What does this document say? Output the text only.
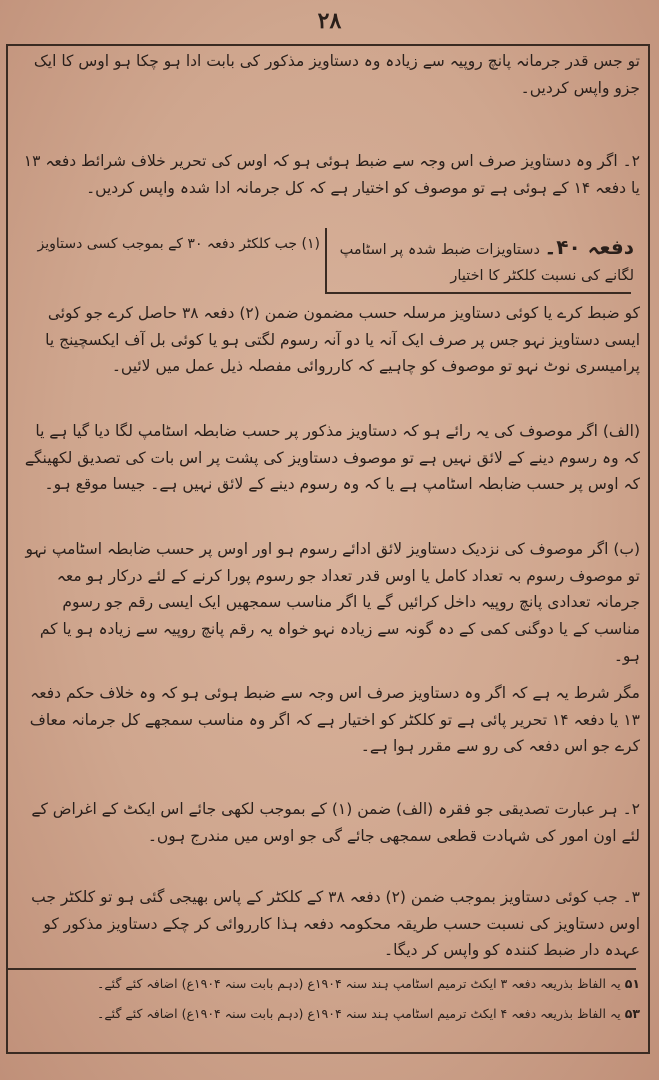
۲۸
تو جس قدر جرمانہ پانچ روپیہ سے زیادہ وہ دستاویز مذکور کی بابت ادا ہو چکا ہو اوس کا ایک جزو واپس کردیں۔
۲۔ اگر وہ دستاویز صرف اس وجہ سے ضبط ہوئی ہو کہ اوس کی تحریر خلاف شرائط دفعہ ۱۳ یا دفعہ ۱۴ کے ہوئی ہے تو موصوف کو اختیار ہے کہ کل جرمانہ ادا شدہ واپس کردیں۔
دفعہ ۴۰۔ دستاویزات ضبط شدہ پر اسٹامپ لگانے کی نسبت کلکٹر کا اختیار
(۱) جب کلکٹر دفعہ ۳۰ کے بموجب کسی دستاویز
کو ضبط کرے یا کوئی دستاویز مرسلہ حسب مضمون ضمن (۲) دفعہ ۳۸ حاصل کرے جو کوئی ایسی دستاویز نہو جس پر صرف ایک آنہ یا دو آنہ رسوم لگتی ہو یا کوئی بل آف ایکسچینج یا پرامیسری نوٹ نہو تو موصوف کو چاہیے کہ کارروائی مفصلہ ذیل عمل میں لائیں۔
(الف) اگر موصوف کی یہ رائے ہو کہ دستاویز مذکور پر حسب ضابطہ اسٹامپ لگا دیا گیا ہے یا کہ وہ رسوم دینے کے لائق نہیں ہے تو موصوف دستاویز کی پشت پر اس بات کی تصدیق لکھینگے کہ اوس پر حسب ضابطہ اسٹامپ ہے یا کہ وہ رسوم دینے کے لائق نہیں ہے۔ جیسا موقع ہو۔
(ب) اگر موصوف کی نزدیک دستاویز لائق ادائے رسوم ہو اور اوس پر حسب ضابطہ اسٹامپ نہو تو موصوف رسوم بہ تعداد کامل یا اوس قدر تعداد جو رسوم پورا کرنے کے لئے درکار ہو معہ جرمانہ تعدادی پانچ روپیہ داخل کرائیں گے یا اگر مناسب سمجھیں ایک ایسی رقم جو رسوم مناسب کے یا دوگنی کمی کے دہ گونہ سے زیادہ نہو خواہ یہ رقم پانچ روپیہ سے زیادہ ہو یا کم ہو۔
مگر شرط یہ ہے کہ اگر وہ دستاویز صرف اس وجہ سے ضبط ہوئی ہو کہ وہ خلاف حکم دفعہ ۱۳ یا دفعہ ۱۴ تحریر پائی ہے تو کلکٹر کو اختیار ہے کہ اگر وہ مناسب سمجھے کل جرمانہ معاف کرے جو اس دفعہ کی رو سے مقرر ہوا ہے۔
۲۔ ہر عبارت تصدیقی جو فقرہ (الف) ضمن (۱) کے بموجب لکھی جائے اس ایکٹ کے اغراض کے لئے اون امور کی شہادت قطعی سمجھی جائے گی جو اوس میں مندرج ہوں۔
۳۔ جب کوئی دستاویز بموجب ضمن (۲) دفعہ ۳۸ کے کلکٹر کے پاس بھیجی گئی ہو تو کلکٹر جب اوس دستاویز کی نسبت حسب طریقہ محکومہ دفعہ ہذا کارروائی کر چکے دستاویز مذکور کو عہدہ دار ضبط کنندہ کو واپس کر دیگا۔
۵۱ یہ الفاظ بذریعہ دفعہ ۳ ایکٹ ترمیم اسٹامپ ہند سنہ ۱۹۰۴ع (دہم بابت سنہ ۱۹۰۴ع) اضافہ کئے گئے۔
۵۳ یہ الفاظ بذریعہ دفعہ ۴ ایکٹ ترمیم اسٹامپ ہند سنہ ۱۹۰۴ع (دہم بابت سنہ ۱۹۰۴ع) اضافہ کئے گئے۔
